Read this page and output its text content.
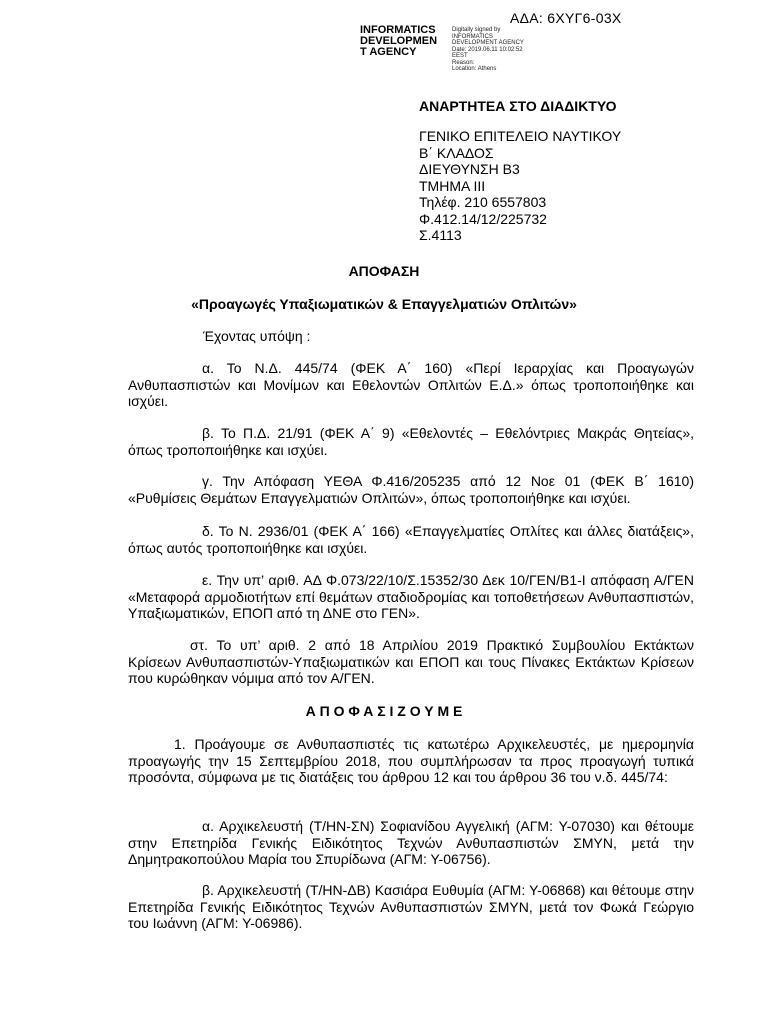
ΑΔΑ: 6ΧΥΓ6-03Χ
INFORMATICS
DEVELOPMEN
T AGENCY
Digitally signed by
INFORMATICS
DEVELOPMENT AGENCY
Date: 2019.06.11 10:02:52
EEST
Reason:
Location: Athens
ΑΝΑΡΤΗΤΕΑ ΣΤΟ ΔΙΑΔΙΚΤΥΟ
ΓΕΝΙΚΟ ΕΠΙΤΕΛΕΙΟ ΝΑΥΤΙΚΟΥ
Β΄ ΚΛΑΔΟΣ
ΔΙΕΥΘΥΝΣΗ Β3
ΤΜΗΜΑ ΙΙΙ
Τηλέφ. 210 6557803
Φ.412.14/12/225732
Σ.4113
ΑΠΟΦΑΣΗ
«Προαγωγές Υπαξιωματικών & Επαγγελματιών Οπλιτών»
Έχοντας υπόψη :
α. Το Ν.Δ. 445/74 (ΦΕΚ Α΄ 160) «Περί Ιεραρχίας και Προαγωγών Ανθυπασπιστών και Μονίμων και Εθελοντών Οπλιτών Ε.Δ.» όπως τροποποιήθηκε και ισχύει.
β. Το Π.Δ. 21/91 (ΦΕΚ Α΄ 9) «Εθελοντές – Εθελόντριες Μακράς Θητείας», όπως τροποποιήθηκε και ισχύει.
γ. Την Απόφαση ΥΕΘΑ Φ.416/205235 από 12 Νοε 01 (ΦΕΚ Β΄ 1610) «Ρυθμίσεις Θεμάτων Επαγγελματιών Οπλιτών», όπως τροποποιήθηκε και ισχύει.
δ. Το Ν. 2936/01 (ΦΕΚ Α΄ 166) «Επαγγελματίες Οπλίτες και άλλες διατάξεις», όπως αυτός τροποποιήθηκε και ισχύει.
ε. Την υπ’ αριθ. ΑΔ Φ.073/22/10/Σ.15352/30 Δεκ 10/ΓΕΝ/Β1-Ι απόφαση Α/ΓΕΝ «Μεταφορά αρμοδιοτήτων επί θεμάτων σταδιοδρομίας και τοποθετήσεων Ανθυπασπιστών, Υπαξιωματικών, ΕΠΟΠ από τη ΔΝΕ στο ΓΕΝ».
στ. Το υπ’ αριθ. 2 από 18 Απριλίου 2019 Πρακτικό Συμβουλίου Εκτάκτων Κρίσεων Ανθυπασπιστών-Υπαξιωματικών και ΕΠΟΠ και τους Πίνακες Εκτάκτων Κρίσεων που κυρώθηκαν νόμιμα από τον Α/ΓΕΝ.
Α Π Ο Φ Α Σ Ι Ζ Ο Υ Μ Ε
1. Προάγουμε σε Ανθυπασπιστές τις κατωτέρω Αρχικελευστές, με ημερομηνία προαγωγής την 15 Σεπτεμβρίου 2018, που συμπλήρωσαν τα προς προαγωγή τυπικά προσόντα, σύμφωνα με τις διατάξεις του άρθρου 12 και του άρθρου 36 του ν.δ. 445/74:
α. Αρχικελευστή (Τ/ΗΝ-ΣΝ) Σοφιανίδου Αγγελική (ΑΓΜ: Υ-07030) και θέτουμε στην Επετηρίδα Γενικής Ειδικότητος Τεχνών Ανθυπασπιστών ΣΜΥΝ, μετά την Δημητρακοπούλου Μαρία του Σπυρίδωνα (ΑΓΜ: Υ-06756).
β. Αρχικελευστή (Τ/ΗΝ-ΔΒ) Κασιάρα Ευθυμία (ΑΓΜ: Υ-06868) και θέτουμε στην Επετηρίδα Γενικής Ειδικότητος Τεχνών Ανθυπασπιστών ΣΜΥΝ, μετά τον Φωκά Γεώργιο του Ιωάννη (ΑΓΜ: Υ-06986).
